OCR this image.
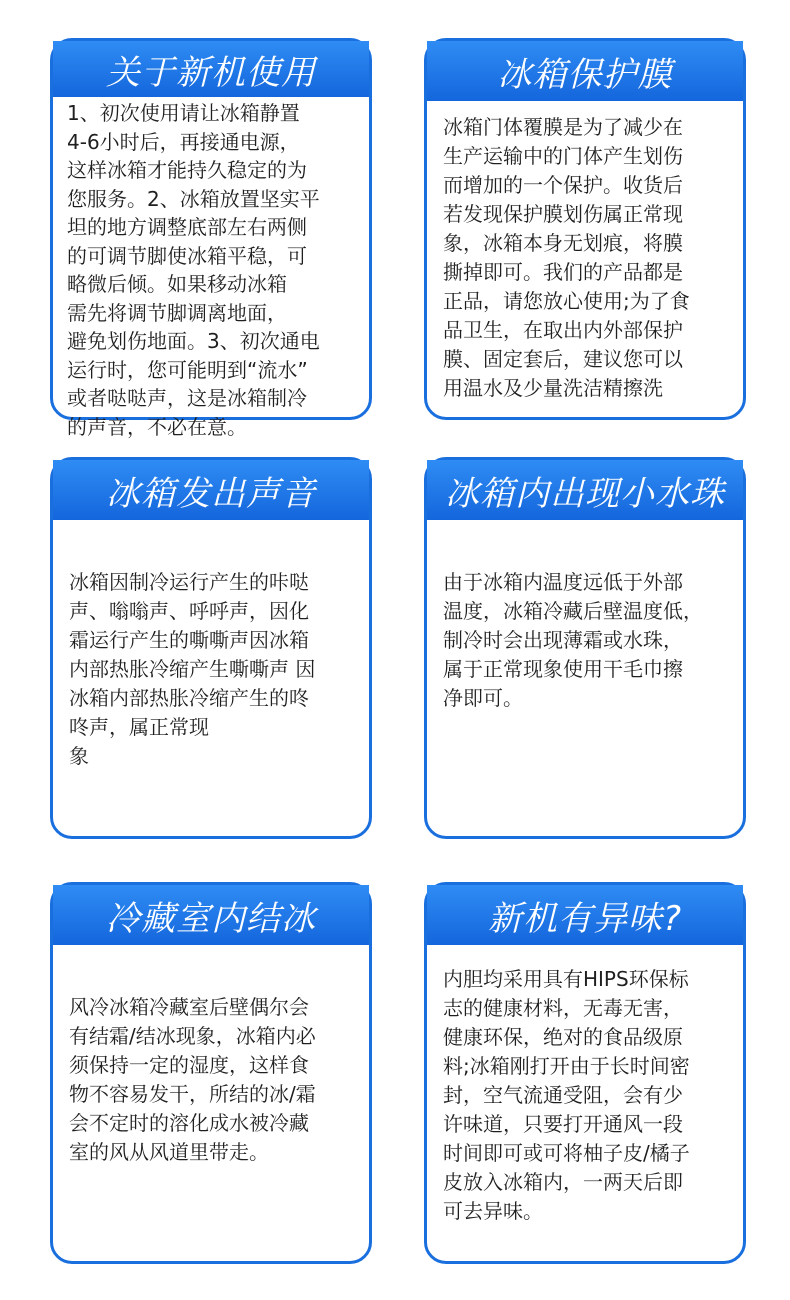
关于新机使用
1、初次使用请让冰箱静置
4-6小时后，再接通电源，
这样冰箱才能持久稳定的为
您服务。2、冰箱放置坚实平
坦的地方调整底部左右两侧
的可调节脚使冰箱平稳，可
略微后倾。如果移动冰箱
需先将调节脚调离地面，
避免划伤地面。3、初次通电
运行时，您可能明到“流水”
或者哒哒声，这是冰箱制冷
的声音，不必在意。
冰箱保护膜
冰箱门体覆膜是为了减少在
生产运输中的门体产生划伤
而增加的一个保护。收货后
若发现保护膜划伤属正常现
象，冰箱本身无划痕，将膜
撕掉即可。我们的产品都是
正品，请您放心使用;为了食
品卫生，在取出内外部保护
膜、固定套后，建议您可以
用温水及少量洗洁精擦洗
冰箱发出声音
冰箱因制冷运行产生的咔哒
声、嗡嗡声、呼呼声，因化
霜运行产生的嘶嘶声因冰箱
内部热胀冷缩产生嘶嘶声 因
冰箱内部热胀冷缩产生的咚
咚声，属正常现
象
冰箱内出现小水珠
由于冰箱内温度远低于外部
温度，冰箱冷藏后壁温度低，
制冷时会出现薄霜或水珠，
属于正常现象使用干毛巾擦
净即可。
冷藏室内结冰
风冷冰箱冷藏室后壁偶尔会
有结霜/结冰现象，冰箱内必
须保持一定的湿度，这样食
物不容易发干，所结的冰/霜
会不定时的溶化成水被冷藏
室的风从风道里带走。
新机有异味?
内胆均采用具有HIPS环保标
志的健康材料，无毒无害，
健康环保，绝对的食品级原
料;冰箱刚打开由于长时间密
封，空气流通受阻，会有少
许味道，只要打开通风一段
时间即可或可将柚子皮/橘子
皮放入冰箱内，一两天后即
可去异味。
